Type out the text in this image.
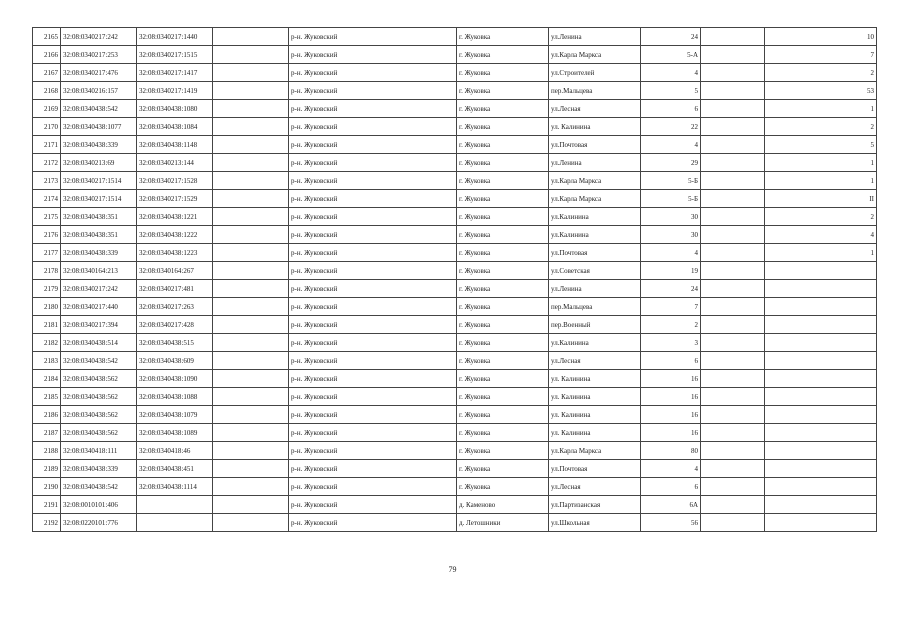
2165	32:08:0340217:242	32:08:0340217:1440		р-н. Жуковский	г. Жуковка	ул.Ленина	24		10
2166	32:08:0340217:253	32:08:0340217:1515		р-н. Жуковский	г. Жуковка	ул.Карла Маркса	5-А		7
2167	32:08:0340217:476	32:08:0340217:1417		р-н. Жуковский	г. Жуковка	ул.Строителей	4		2
2168	32:08:0340216:157	32:08:0340217:1419		р-н. Жуковский	г. Жуковка	пер.Мальцева	5		53
2169	32:08:0340438:542	32:08:0340438:1080		р-н. Жуковский	г. Жуковка	ул.Лесная	6		1
2170	32:08:0340438:1077	32:08:0340438:1084		р-н. Жуковский	г. Жуковка	ул. Калинина	22		2
2171	32:08:0340438:339	32:08:0340438:1148		р-н. Жуковский	г. Жуковка	ул.Почтовая	4		5
2172	32:08:0340213:69	32:08:0340213:144		р-н. Жуковский	г. Жуковка	ул.Ленина	29		1
2173	32:08:0340217:1514	32:08:0340217:1528		р-н. Жуковский	г. Жуковка	ул.Карла Маркса	5-Б		1
2174	32:08:0340217:1514	32:08:0340217:1529		р-н. Жуковский	г. Жуковка	ул.Карла Маркса	5-Б		II
2175	32:08:0340438:351	32:08:0340438:1221		р-н. Жуковский	г. Жуковка	ул.Калинина	30		2
2176	32:08:0340438:351	32:08:0340438:1222		р-н. Жуковский	г. Жуковка	ул.Калинина	30		4
2177	32:08:0340438:339	32:08:0340438:1223		р-н. Жуковский	г. Жуковка	ул.Почтовая	4		1
2178	32:08:0340164:213	32:08:0340164:267		р-н. Жуковский	г. Жуковка	ул.Советская	19		
2179	32:08:0340217:242	32:08:0340217:481		р-н. Жуковский	г. Жуковка	ул.Ленина	24		
2180	32:08:0340217:440	32:08:0340217:263		р-н. Жуковский	г. Жуковка	пер.Мальцева	7		
2181	32:08:0340217:394	32:08:0340217:428		р-н. Жуковский	г. Жуковка	пер.Военный	2		
2182	32:08:0340438:514	32:08:0340438:515		р-н. Жуковский	г. Жуковка	ул.Калинина	3		
2183	32:08:0340438:542	32:08:0340438:609		р-н. Жуковский	г. Жуковка	ул.Лесная	6		
2184	32:08:0340438:562	32:08:0340438:1090		р-н. Жуковский	г. Жуковка	ул. Калинина	16		
2185	32:08:0340438:562	32:08:0340438:1088		р-н. Жуковский	г. Жуковка	ул. Калинина	16		
2186	32:08:0340438:562	32:08:0340438:1079		р-н. Жуковский	г. Жуковка	ул. Калинина	16		
2187	32:08:0340438:562	32:08:0340438:1089		р-н. Жуковский	г. Жуковка	ул. Калинина	16		
2188	32:08:0340418:111	32:08:0340418:46		р-н. Жуковский	г. Жуковка	ул.Карла Маркса	80		
2189	32:08:0340438:339	32:08:0340438:451		р-н. Жуковский	г. Жуковка	ул.Почтовая	4		
2190	32:08:0340438:542	32:08:0340438:1114		р-н. Жуковский	г. Жуковка	ул.Лесная	6		
2191	32:08:0010101:406			р-н. Жуковский	д. Каменово	ул.Партизанская	6А		
2192	32:08:0220101:776			р-н. Жуковский	д. Летошники	ул.Школьная	56		
79
